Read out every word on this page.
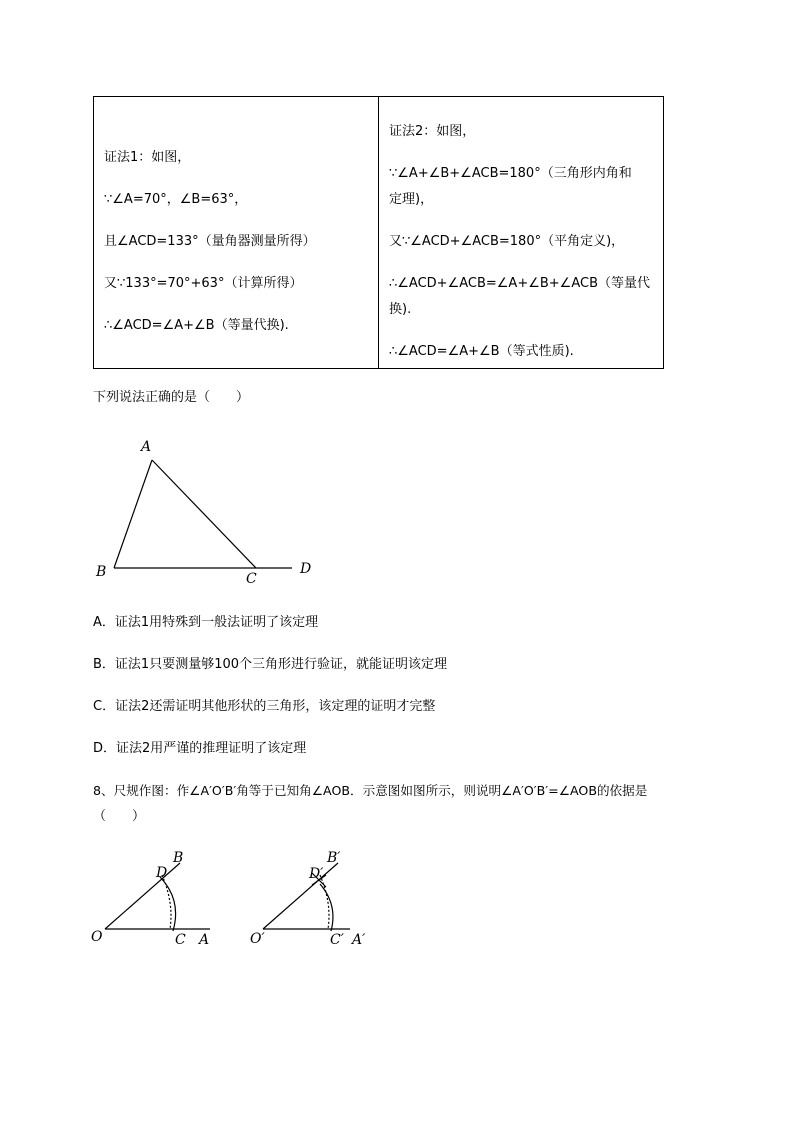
证法1：如图，
∵∠A=70°，∠B=63°，
且∠ACD=133°（量角器测量所得）
又∵133°=70°+63°（计算所得）
∴∠ACD=∠A+∠B（等量代换).
证法2：如图，
∵∠A+∠B+∠ACB=180°（三角形内角和
定理)，
又∵∠ACD+∠ACB=180°（平角定义)，
∴∠ACD+∠ACB=∠A+∠B+∠ACB（等量代
换).
∴∠ACD=∠A+∠B（等式性质).
下列说法正确的是（　　）
A
B	C
D
A．证法1用特殊到一般法证明了该定理
B．证法1只要测量够100个三角形进行验证，就能证明该定理
C．证法2还需证明其他形状的三角形，该定理的证明才完整
D．证法2用严谨的推理证明了该定理
8、尺规作图：作∠A′O′B′角等于已知角∠AOB．示意图如图所示，则说明∠A′O′B′=∠AOB的依据是
（　　）
O	C A
D
B
O′	C′ A′
D′
B′
